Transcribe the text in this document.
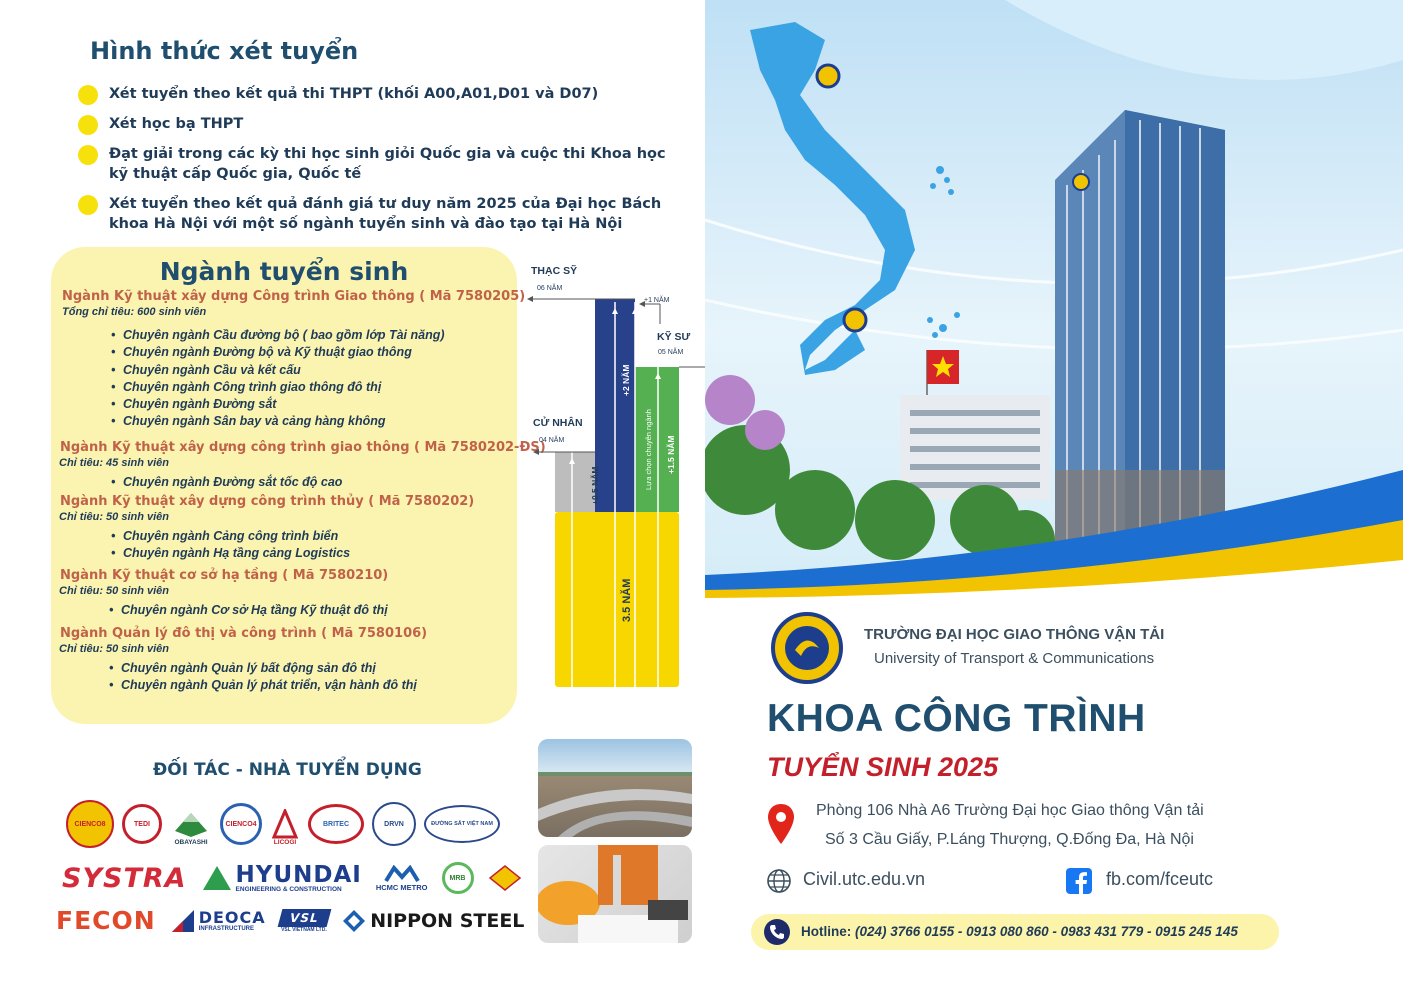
Hình thức xét tuyển
Xét tuyển theo kết quả thi THPT (khối A00,A01,D01 và D07)
Xét học bạ THPT
Đạt giải trong các kỳ thi học sinh giỏi Quốc gia và cuộc thi Khoa học kỹ thuật cấp Quốc gia, Quốc tế
Xét tuyển theo kết quả đánh giá tư duy năm 2025 của Đại học Bách khoa Hà Nội với một số ngành tuyển sinh và đào tạo tại Hà Nội
Ngành tuyển sinh
Ngành Kỹ thuật xây dựng Công trình Giao thông ( Mã 7580205)
Tổng chỉ tiêu: 600 sinh viên
• Chuyên ngành Cầu đường bộ ( bao gồm lớp Tài năng)
• Chuyên ngành Đường bộ và Kỹ thuật giao thông
• Chuyên ngành Cầu và kết cấu
• Chuyên ngành Công trình giao thông đô thị
• Chuyên ngành Đường sắt
• Chuyên ngành Sân bay và cảng hàng không
Ngành Kỹ thuật xây dựng công trình giao thông ( Mã 7580202-ĐS)
Chỉ tiêu: 45 sinh viên
• Chuyên ngành Đường sắt tốc độ cao
Ngành Kỹ thuật xây dựng công trình thủy ( Mã 7580202)
Chỉ tiêu: 50 sinh viên
• Chuyên ngành Cảng công trình biển
• Chuyên ngành Hạ tầng cảng Logistics
Ngành Kỹ thuật cơ sở hạ tầng ( Mã 7580210)
Chỉ tiêu: 50 sinh viên
• Chuyên ngành Cơ sở Hạ tầng Kỹ thuật đô thị
Ngành Quản lý đô thị và công trình ( Mã 7580106)
Chỉ tiêu: 50 sinh viên
• Chuyên ngành Quản lý bất động sản đô thị
• Chuyên ngành Quản lý phát triển, vận hành đô thị
THẠC SỸ
06 NĂM
+1 NĂM
KỸ SƯ
05 NĂM
CỬ NHÂN
04 NĂM
3.5 NĂM
+0.5 NĂM
+2 NĂM
Lựa chọn chuyên ngành +1.5 NĂM
ĐỐI TÁC - NHÀ TUYỂN DỤNG
CIENCO8	TEDI
OBAYASHI
CIENCO4
LICOGI
BRITEC	DRVN	ĐƯỜNG SẮT VIỆT NAM
SYSTRA HYUNDAI
ENGINEERING & CONSTRUCTION	HCMC METRO
MRB
FECON	DEOCA
INFRASTRUCTURE
VSL
VSL VIETNAM LTD. NIPPON STEEL
TRƯỜNG ĐẠI HỌC GIAO THÔNG VẬN TẢI
University of Transport & Communications
KHOA CÔNG TRÌNH
TUYỂN SINH 2025
Phòng 106 Nhà A6 Trường Đại học Giao thông Vận tải
Số 3 Cầu Giấy, P.Láng Thượng, Q.Đống Đa, Hà Nội
Civil.utc.edu.vn	fb.com/fceutc
Hotline: (024) 3766 0155 - 0913 080 860 - 0983 431 779 - 0915 245 145
